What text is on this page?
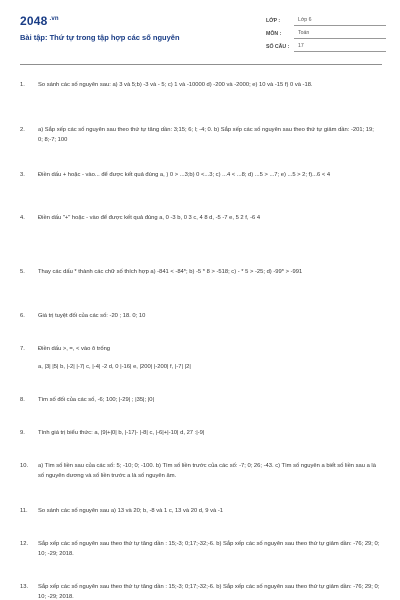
2048 $^{.vn}$
Bài tập: Thứ tự trong tập hợp các số nguyên
LỚP :	Lớp 6
MÔN :	Toán
SỐ CÂU :	17
1.	So sánh các số nguyên sau: a) 3 và 5;b) -3 và - 5; c) 1 và -10000 d) -200 và -2000; e) 10 và -15 f) 0 và -18.
2.	a) Sắp xếp các số nguyên sau theo thứ tự tăng dần: 3;15; 6; l; -4; 0. b) Sắp xếp các số nguyên sau theo thứ tự giảm dần: -201; 19; 0; 8;-7; 100
3.	Điền dấu + hoặc - vào... để được kết quả đúng a, ) 0 > ...3;b) 0 <...3; c) ...4 < ...8; d) ...5 > ...7; e) ...5 > 2; f)...6 < 4
4.	Điền dấu "+" hoặc - vào để được kết quả đúng a, 0 -3 b, 0 3 c, 4 8 d, -5 -7 e, 5 2 f, -6 4
5.	Thay các dấu * thành các chữ số thích hợp a) -841 < -84*; b) -5 * 8 > -518; c) - * 5 > -25; d) -99* > -991
6.	Giá trị tuyệt đối của các số: -20 ; 18. 0; 10
7.	Điền dấu >, =, < vào ô trống
a, |3| |5| b, |-2| |-7| c, |-4| -2 d, 0 |-16| e, |200| |-200| f, |-7| |2|
8.	Tìm số đối của các số, -6; 100; |-29| ; |35|; |0|
9.	Tính giá trị biểu thức: a, |9|+|0| b, |-17|- |-8| c, |-6|+|-10| d, 27 :|-9|
10.	a) Tìm số liền sau của các số: 5; -10; 0; -100. b) Tìm số liền trước của các số: -7; 0; 26; -43. c) Tìm số nguyên a biết số liền sau a là số nguyên dương và số liền trước a là số nguyên âm.
11.	So sánh các số nguyên sau a) 13 và 20; b, -8 và 1 c, 13 và 20 d, 9 và -1
12.	Sắp xếp các số nguyên sau theo thứ tự tăng dần : 15;-3; 0;17;-32;-6. b) Sắp xếp các số nguyên sau theo thứ tự giảm dần: -76; 29; 0; 10; -29; 2018.
13.	Sắp xếp các số nguyên sau theo thứ tự tăng dần : 15;-3; 0;17;-32;-6. b) Sắp xếp các số nguyên sau theo thứ tự giảm dần: -76; 29; 0; 10; -29; 2018.
